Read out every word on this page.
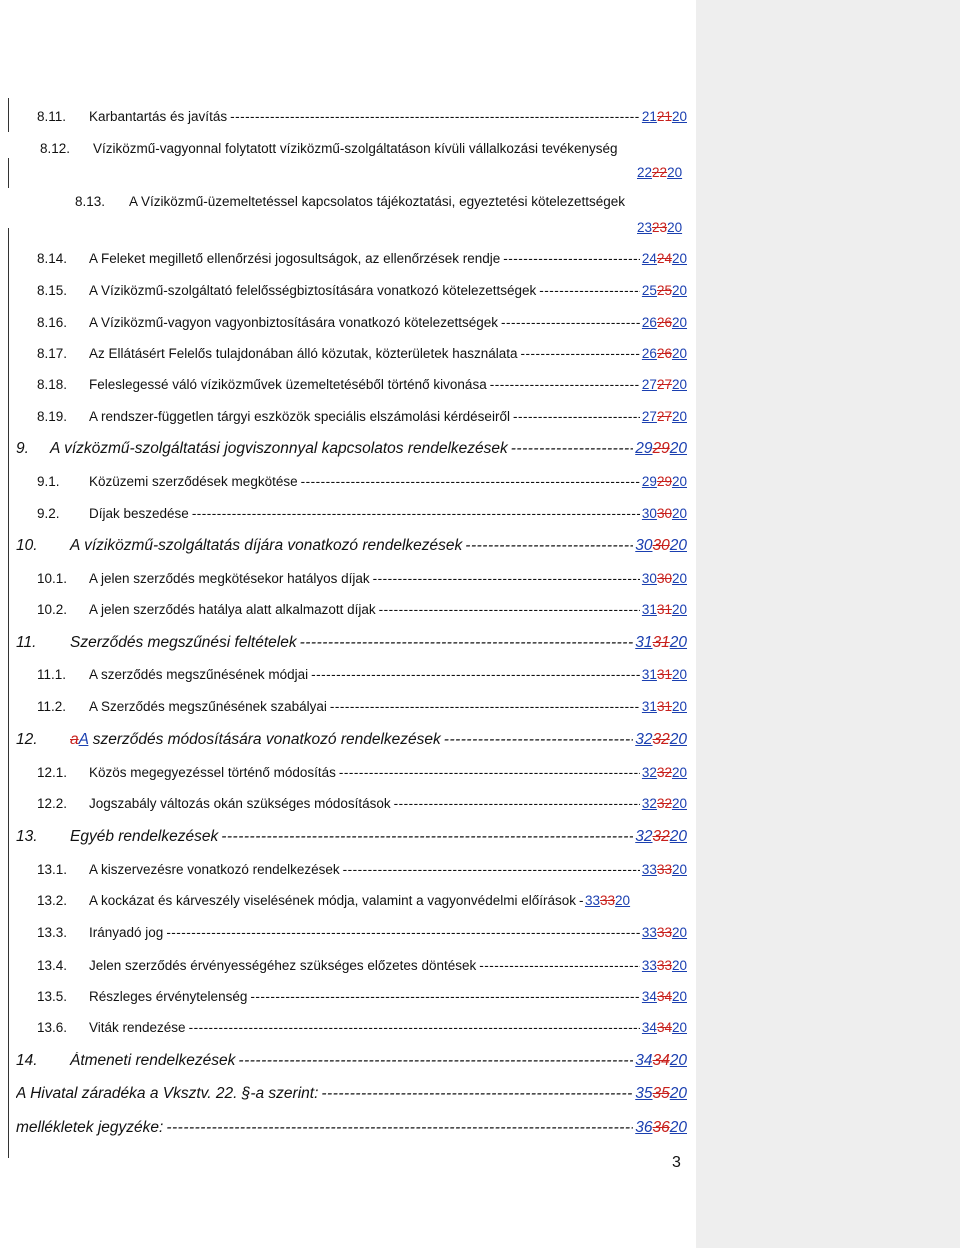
8.11.	Karbantartás és javítás -----	212120
8.12.	Víziközmű-vagyonnal folytatott víziközmű-szolgáltatáson kívüli vállalkozási tevékenység
222220
8.13.	A Víziközmű-üzemeltetéssel kapcsolatos tájékoztatási, egyeztetési kötelezettségek
232320
8.14.	A Feleket megillető ellenőrzési jogosultságok, az ellenőrzések rendje -----	242420
8.15.	A Víziközmű-szolgáltató felelősségbiztosítására vonatkozó kötelezettségek -----	252520
8.16.	A Víziközmű-vagyon vagyonbiztosítására vonatkozó kötelezettségek -----	262620
8.17.	Az Ellátásért Felelős tulajdonában álló közutak, közterületek használata -----	262620
8.18.	Feleslegessé váló víziközművek üzemeltetéséből történő kivonása -----	272720
8.19.	A rendszer-független tárgyi eszközök speciális elszámolási kérdéseiről -----	272720
9.	A vízközmű-szolgáltatási jogviszonnyal kapcsolatos rendelkezések -----	292920
9.1.	Közüzemi szerződések megkötése -----	292920
9.2.	Díjak beszedése -----	303020
10.	A víziközmű-szolgáltatás díjára vonatkozó rendelkezések -----	303020
10.1.	A jelen szerződés megkötésekor hatályos díjak -----	303020
10.2.	A jelen szerződés hatálya alatt alkalmazott díjak -----	313120
11.	Szerződés megszűnési feltételek -----	313120
11.1.	A szerződés megszűnésének módjai -----	313120
11.2.	A Szerződés megszűnésének szabályai -----	313120
12.	aA szerződés módosítására vonatkozó rendelkezések -----	323220
12.1.	Közös megegyezéssel történő módosítás -----	323220
12.2.	Jogszabály változás okán szükséges módosítások -----	323220
13.	Egyéb rendelkezések -----	323220
13.1.	A kiszervezésre vonatkozó rendelkezések -----	333320
13.2.	A kockázat és kárveszély viselésének módja, valamint a vagyonvédelmi előírások ----- 333320
13.3.	Irányadó jog -----	333320
13.4.	Jelen szerződés érvényességéhez szükséges előzetes döntések -----	333320
13.5.	Részleges érvénytelenség -----	343420
13.6.	Viták rendezése -----	343420
14.	Átmeneti rendelkezések -----	343420
A Hivatal záradéka a Vksztv. 22. §-a szerint: -----	353520
mellékletek jegyzéke: -----	363620
3
